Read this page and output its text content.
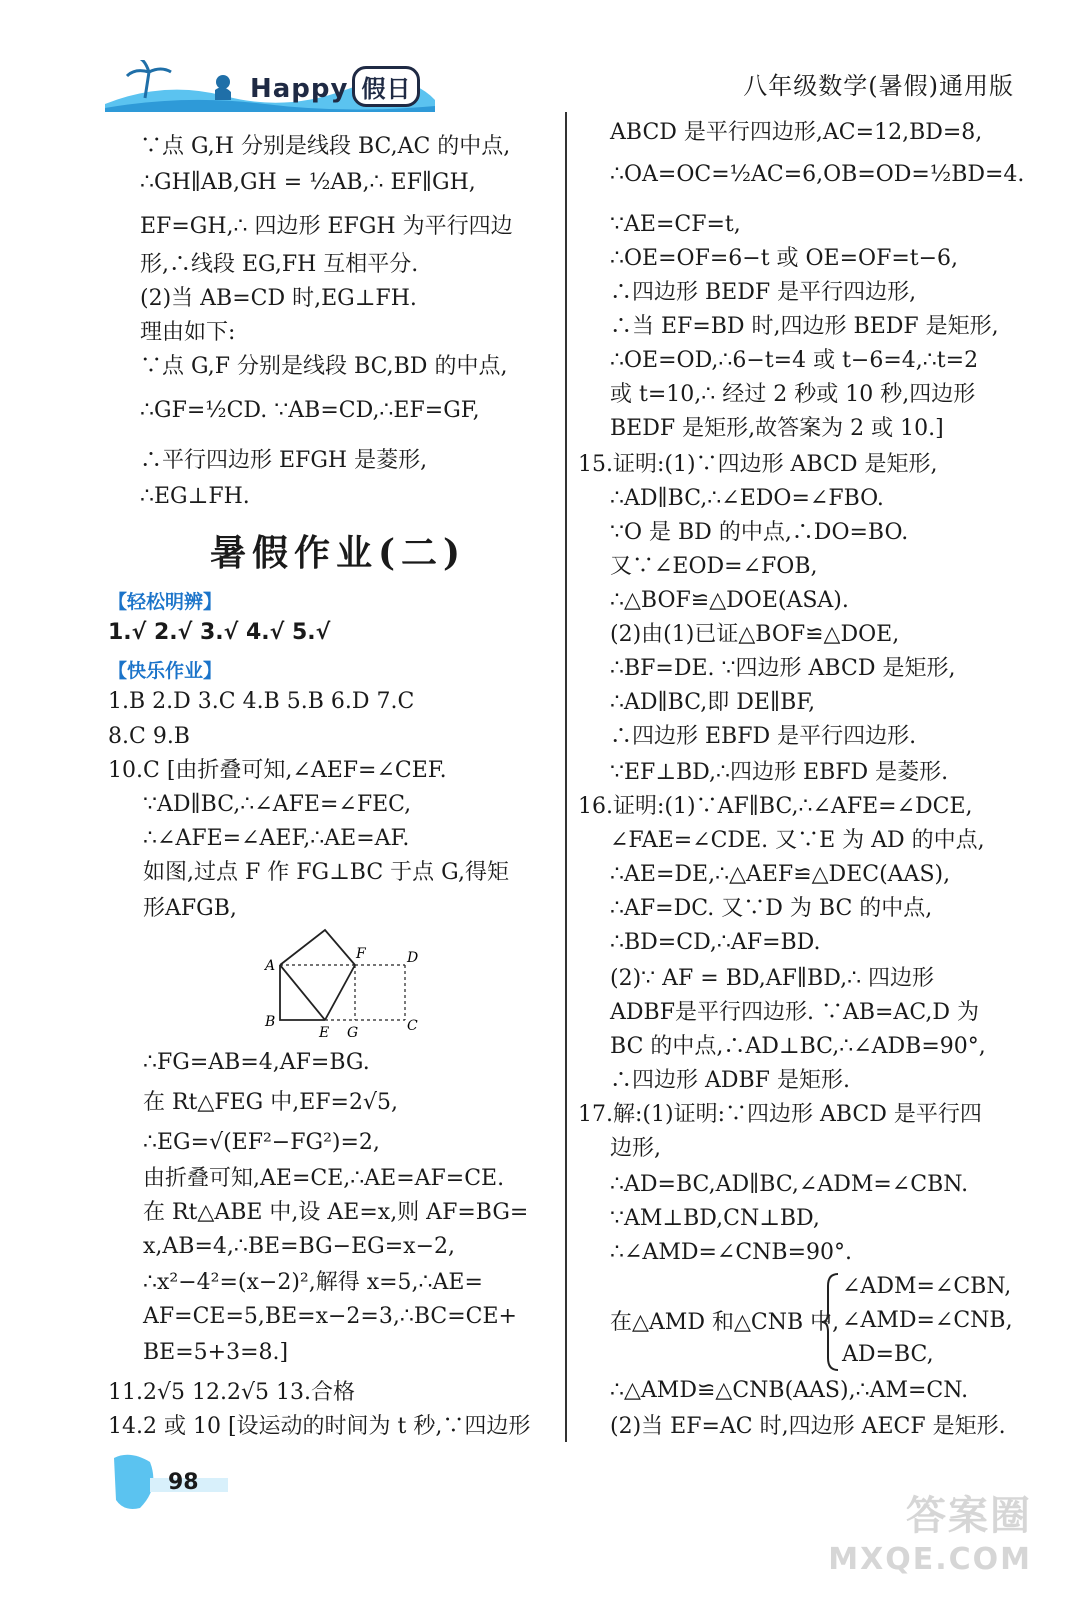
Happy 假日	八年级数学(暑假)通用版
∵点 G,H 分别是线段 BC,AC 的中点,
∴GH∥AB,GH = ½AB,∴ EF∥GH,
EF=GH,∴ 四边形 EFGH 为平行四边
形,∴线段 EG,FH 互相平分.
(2)当 AB=CD 时,EG⊥FH.
理由如下:
∵点 G,F 分别是线段 BC,BD 的中点,
∴GF=½CD. ∵AB=CD,∴EF=GF,
∴平行四边形 EFGH 是菱形,
∴EG⊥FH.
暑假作业(二)
【轻松明辨】
1.√ 2.√ 3.√ 4.√ 5.√
【快乐作业】
1.B 2.D 3.C 4.B 5.B 6.D 7.C
8.C 9.B
10.C [由折叠可知,∠AEF=∠CEF.
∵AD∥BC,∴∠AFE=∠FEC,
∴∠AFE=∠AEF,∴AE=AF.
如图,过点 F 作 FG⊥BC 于点 G,得矩
形AFGB,
A
B
E G	C
D
F
∴FG=AB=4,AF=BG.
在 Rt△FEG 中,EF=2√5,
∴EG=√(EF²−FG²)=2,
由折叠可知,AE=CE,∴AE=AF=CE.
在 Rt△ABE 中,设 AE=x,则 AF=BG=
x,AB=4,∴BE=BG−EG=x−2,
∴x²−4²=(x−2)²,解得 x=5,∴AE=
AF=CE=5,BE=x−2=3,∴BC=CE+
BE=5+3=8.]
11.2√5 12.2√5 13.合格
14.2 或 10 [设运动的时间为 t 秒,∵四边形
ABCD 是平行四边形,AC=12,BD=8,
∴OA=OC=½AC=6,OB=OD=½BD=4.
∵AE=CF=t,
∴OE=OF=6−t 或 OE=OF=t−6,
∴四边形 BEDF 是平行四边形,
∴当 EF=BD 时,四边形 BEDF 是矩形,
∴OE=OD,∴6−t=4 或 t−6=4,∴t=2
或 t=10,∴ 经过 2 秒或 10 秒,四边形
BEDF 是矩形,故答案为 2 或 10.]
15.证明:(1)∵四边形 ABCD 是矩形,
∴AD∥BC,∴∠EDO=∠FBO.
∵O 是 BD 的中点,∴DO=BO.
又∵∠EOD=∠FOB,
∴△BOF≌△DOE(ASA).
(2)由(1)已证△BOF≌△DOE,
∴BF=DE. ∵四边形 ABCD 是矩形,
∴AD∥BC,即 DE∥BF,
∴四边形 EBFD 是平行四边形.
∵EF⊥BD,∴四边形 EBFD 是菱形.
16.证明:(1)∵AF∥BC,∴∠AFE=∠DCE,
∠FAE=∠CDE. 又∵E 为 AD 的中点,
∴AE=DE,∴△AEF≌△DEC(AAS),
∴AF=DC. 又∵D 为 BC 的中点,
∴BD=CD,∴AF=BD.
(2)∵ AF = BD,AF∥BD,∴ 四边形
ADBF是平行四边形. ∵AB=AC,D 为
BC 的中点,∴AD⊥BC,∴∠ADB=90°,
∴四边形 ADBF 是矩形.
17.解:(1)证明:∵四边形 ABCD 是平行四
边形,
∴AD=BC,AD∥BC,∠ADM=∠CBN.
∵AM⊥BD,CN⊥BD,
∴∠AMD=∠CNB=90°.
在△AMD 和△CNB 中,
∠ADM=∠CBN,
∠AMD=∠CNB,
AD=BC,
∴△AMD≌△CNB(AAS),∴AM=CN.
(2)当 EF=AC 时,四边形 AECF 是矩形.
98
答案圈
MXQE.COM
